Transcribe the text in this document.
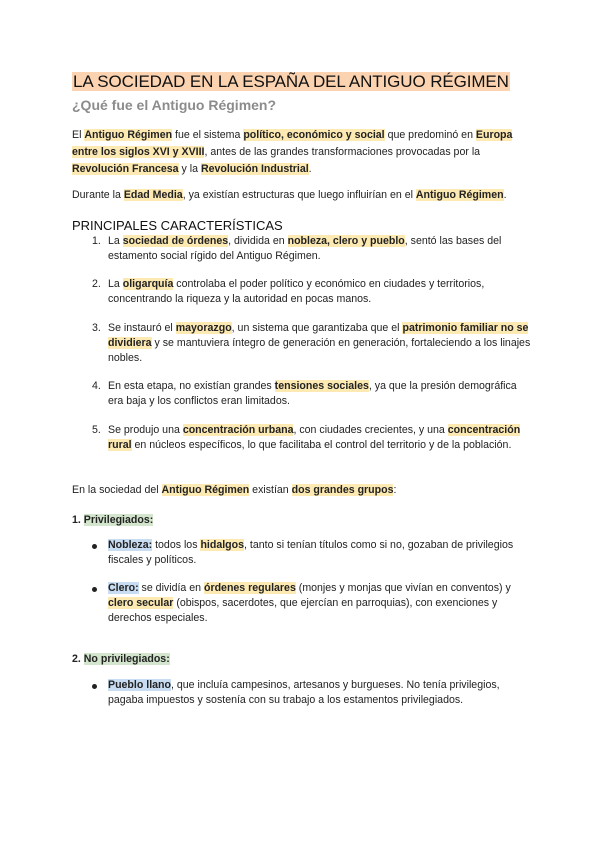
LA SOCIEDAD EN LA ESPAÑA DEL ANTIGUO RÉGIMEN
¿Qué fue el Antiguo Régimen?
El Antiguo Régimen fue el sistema político, económico y social que predominó en Europa entre los siglos XVI y XVIII, antes de las grandes transformaciones provocadas por la Revolución Francesa y la Revolución Industrial.
Durante la Edad Media, ya existían estructuras que luego influirían en el Antiguo Régimen.
PRINCIPALES CARACTERÍSTICAS
1. La sociedad de órdenes, dividida en nobleza, clero y pueblo, sentó las bases del estamento social rígido del Antiguo Régimen.
2. La oligarquía controlaba el poder político y económico en ciudades y territorios, concentrando la riqueza y la autoridad en pocas manos.
3. Se instauró el mayorazgo, un sistema que garantizaba que el patrimonio familiar no se dividiera y se mantuviera íntegro de generación en generación, fortaleciendo a los linajes nobles.
4. En esta etapa, no existían grandes tensiones sociales, ya que la presión demográfica era baja y los conflictos eran limitados.
5. Se produjo una concentración urbana, con ciudades crecientes, y una concentración rural en núcleos específicos, lo que facilitaba el control del territorio y de la población.
En la sociedad del Antiguo Régimen existían dos grandes grupos:
1. Privilegiados:
Nobleza: todos los hidalgos, tanto si tenían títulos como si no, gozaban de privilegios fiscales y políticos.
Clero: se dividía en órdenes regulares (monjes y monjas que vivían en conventos) y clero secular (obispos, sacerdotes, que ejercían en parroquias), con exenciones y derechos especiales.
2. No privilegiados:
Pueblo llano, que incluía campesinos, artesanos y burgueses. No tenía privilegios, pagaba impuestos y sostenía con su trabajo a los estamentos privilegiados.
